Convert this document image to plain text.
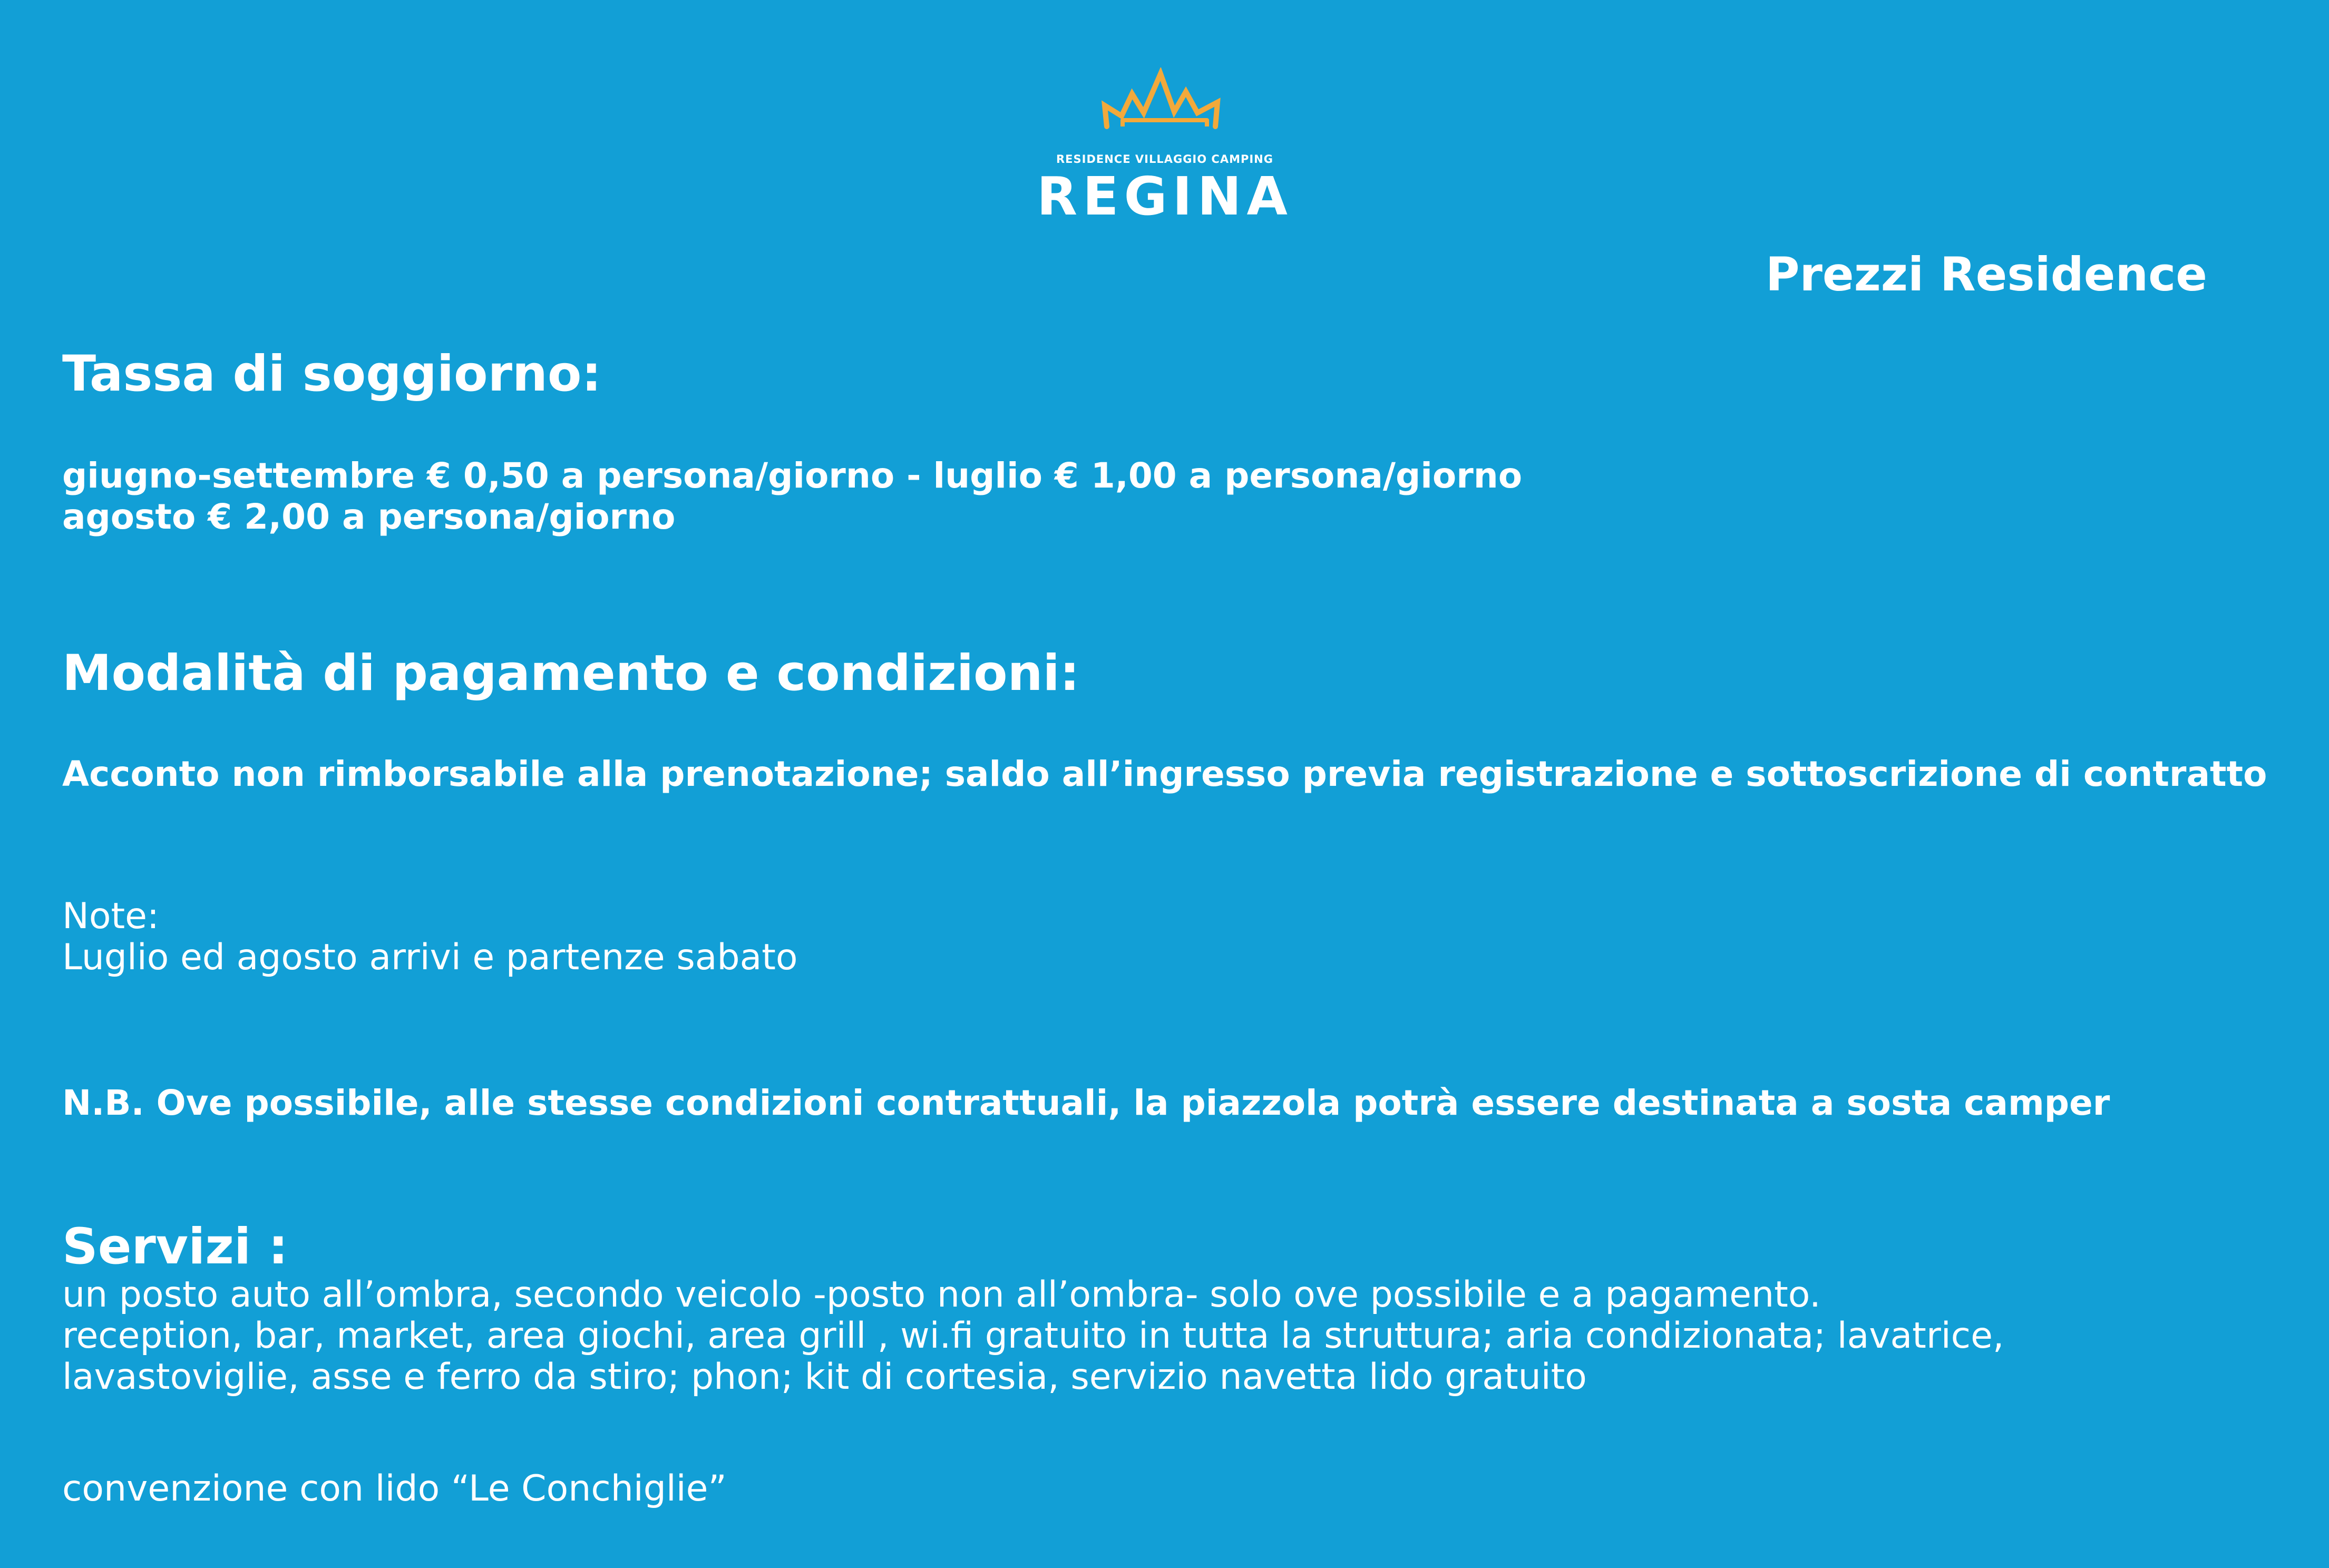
RESIDENCE VILLAGGIO CAMPING
REGINA
Prezzi Residence
Tassa di soggiorno:

giugno-settembre € 0,50 a persona/giorno - luglio € 1,00 a persona/giorno

agosto € 2,00 a persona/giorno

Modalità di pagamento e condizioni:

Acconto non rimborsabile alla prenotazione; saldo all’ingresso previa registrazione e sottoscrizione di contratto

Note:

Luglio ed agosto arrivi e partenze sabato

N.B. Ove possibile, alle stesse condizioni contrattuali, la piazzola potrà essere destinata a sosta camper

Servizi :

un posto auto all’ombra, secondo veicolo -posto non all’ombra- solo ove possibile e a pagamento.

reception, bar, market, area giochi, area grill , wi.fi gratuito in tutta la struttura; aria condizionata; lavatrice,

lavastoviglie, asse e ferro da stiro; phon; kit di cortesia, servizio navetta lido gratuito

convenzione con lido “Le Conchiglie”
